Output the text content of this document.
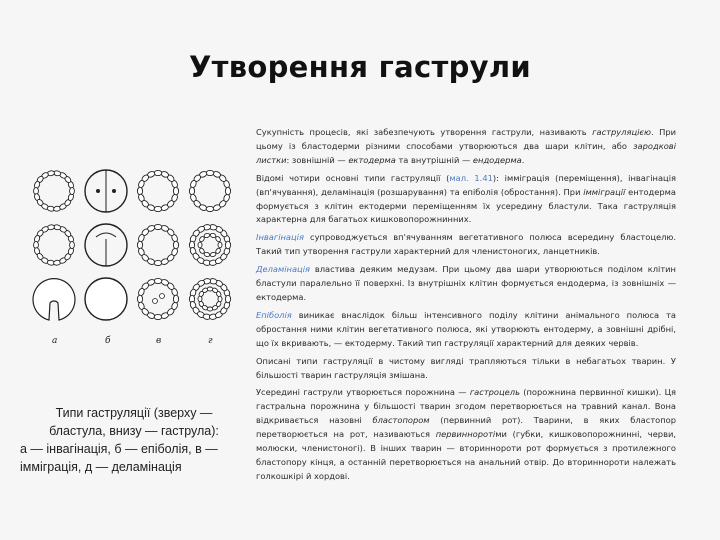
Утворення гаструли
а	б	в	г
Типи гаструляції (зверху —
бластула, внизу — гаструла):
а — інвагінація, б — епіболія, в —
імміграція, д — деламінація

Сукупність процесів, які забезпечують утворення гаструли, називають гаструляцією. При цьому із бластодерми різними способами утворюються два шари клітин, або зародкові листки: зовнішній — ектодерма та внутрішній — ендодерма.

Відомі чотири основні типи гаструляції (мал. 1.41): імміграція (переміщення), інвагінація (вп'ячування), деламінація (розшарування) та епіболія (обростання). При імміграції ентодерма формується з клітин ектодерми переміщенням їх усередину бластули. Така гаструляція характерна для багатьох кишковопорожнинних.

Інвагінація супроводжується вп'ячуванням вегетативного полюса всередину бластоцелю. Такий тип утворення гаструли характерний для членистоногих, ланцетників.

Деламінація властива деяким медузам. При цьому два шари утворюються поділом клітин бластули паралельно її поверхні. Із внутрішніх клітин формується ендодерма, із зовнішніх — ектодерма.

Епіболія виникає внаслідок більш інтенсивного поділу клітини анімального полюса та обростання ними клітин вегетативного полюса, які утворюють ентодерму, а зовнішні дрібні, що їх вкривають, — ектодерму. Такий тип гаструляції характерний для деяких червів.

Описані типи гаструляції в чистому вигляді трапляються тільки в небагатьох тварин. У більшості тварин гаструляція змішана.

Усередині гаструли утворюється порожнина — гастроцель (порожнина первинної кишки). Ця гастральна порожнина у більшості тварин згодом перетворюється на травний канал. Вона відкривається назовні бластопором (первинний рот). Тварини, в яких бластопор перетворюється на рот, називаються первинноротіми (губки, кишковопорожнинні, черви, молюски, членистоногі). В інших тварин — вториннороти рот формується з протилежного бластопору кінця, а останній перетворюється на анальний отвір. До вториннороти належать голкошкірі й хордові.
